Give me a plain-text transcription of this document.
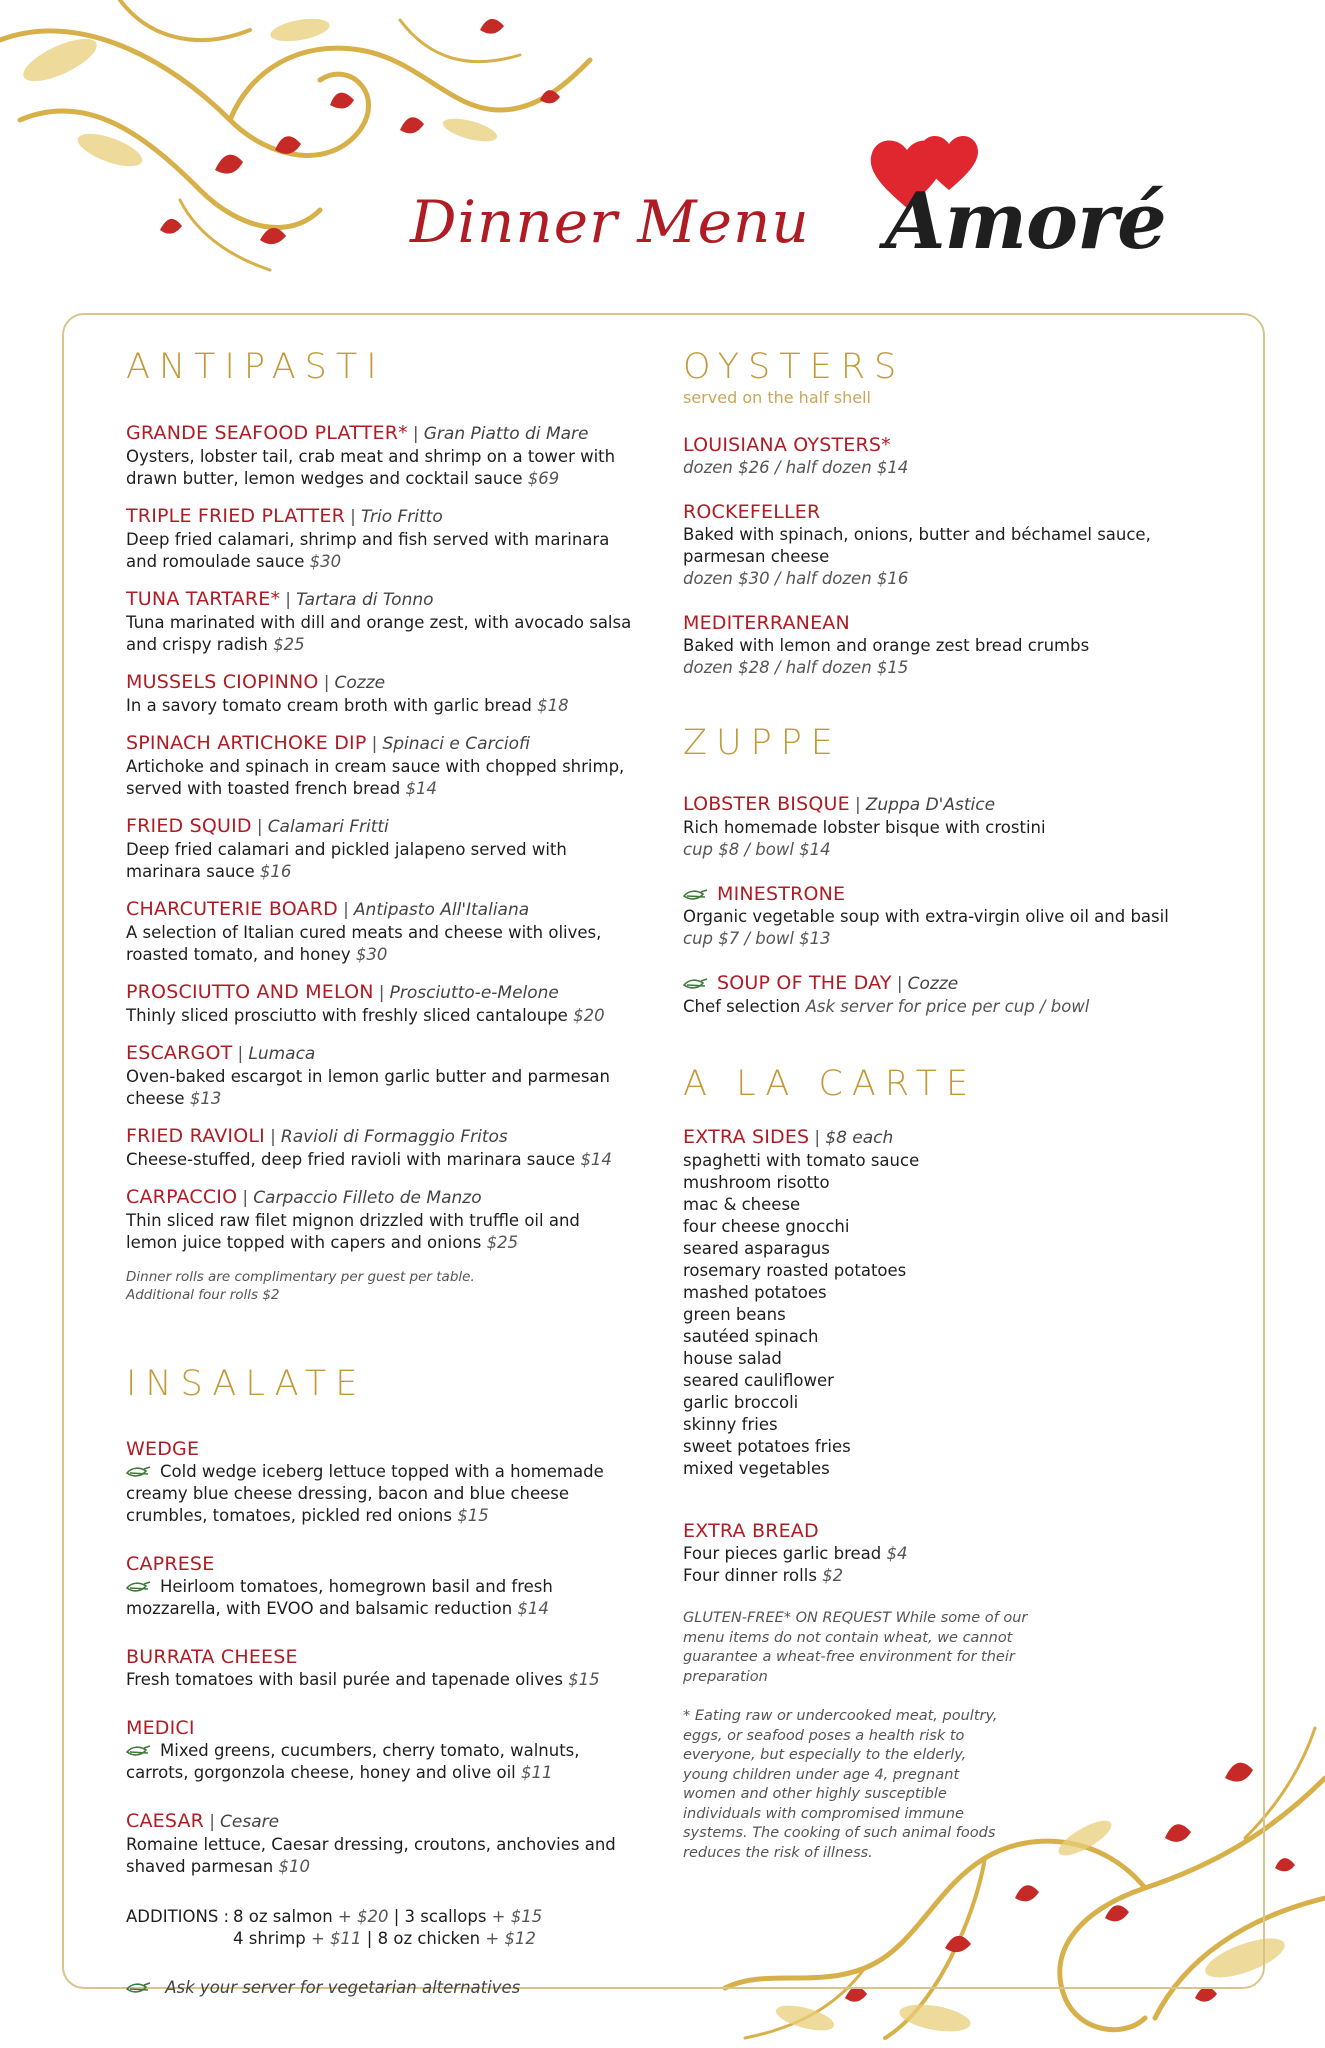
Dinner Menu Amoré
ANTIPASTI
GRANDE SEAFOOD PLATTER* | Gran Piatto di Mare
Oysters, lobster tail, crab meat and shrimp on a tower with drawn butter, lemon wedges and cocktail sauce $69
TRIPLE FRIED PLATTER | Trio Fritto
Deep fried calamari, shrimp and fish served with marinara and romoulade sauce $30
TUNA TARTARE* | Tartara di Tonno
Tuna marinated with dill and orange zest, with avocado salsa and crispy radish $25
MUSSELS CIOPINNO | Cozze
In a savory tomato cream broth with garlic bread $18
SPINACH ARTICHOKE DIP | Spinaci e Carciofi
Artichoke and spinach in cream sauce with chopped shrimp, served with toasted french bread $14
FRIED SQUID | Calamari Fritti
Deep fried calamari and pickled jalapeno served with marinara sauce $16
CHARCUTERIE BOARD | Antipasto All'Italiana
A selection of Italian cured meats and cheese with olives, roasted tomato, and honey $30
PROSCIUTTO AND MELON | Prosciutto-e-Melone
Thinly sliced prosciutto with freshly sliced cantaloupe $20
ESCARGOT | Lumaca
Oven-baked escargot in lemon garlic butter and parmesan cheese $13
FRIED RAVIOLI | Ravioli di Formaggio Fritos
Cheese-stuffed, deep fried ravioli with marinara sauce $14
CARPACCIO | Carpaccio Filleto de Manzo
Thin sliced raw filet mignon drizzled with truffle oil and lemon juice topped with capers and onions $25
Dinner rolls are complimentary per guest per table.
Additional four rolls $2
INSALATE
WEDGE
Cold wedge iceberg lettuce topped with a homemade creamy blue cheese dressing, bacon and blue cheese crumbles, tomatoes, pickled red onions $15
CAPRESE
Heirloom tomatoes, homegrown basil and fresh mozzarella, with EVOO and balsamic reduction $14
BURRATA CHEESE
Fresh tomatoes with basil purée and tapenade olives $15
MEDICI
Mixed greens, cucumbers, cherry tomato, walnuts, carrots, gorgonzola cheese, honey and olive oil $11
CAESAR | Cesare
Romaine lettuce, Caesar dressing, croutons, anchovies and shaved parmesan $10
ADDITIONS : 8 oz salmon + $20 | 3 scallops + $15
4 shrimp + $11 | 8 oz chicken + $12
Ask your server for vegetarian alternatives
OYSTERS
served on the half shell
LOUISIANA OYSTERS*
dozen $26 / half dozen $14
ROCKEFELLER
Baked with spinach, onions, butter and béchamel sauce, parmesan cheese
dozen $30 / half dozen $16
MEDITERRANEAN
Baked with lemon and orange zest bread crumbs
dozen $28 / half dozen $15
ZUPPE
LOBSTER BISQUE | Zuppa D'Astice
Rich homemade lobster bisque with crostini
cup $8 / bowl $14
MINESTRONE
Organic vegetable soup with extra-virgin olive oil and basil
cup $7 / bowl $13
SOUP OF THE DAY | Cozze
Chef selection Ask server for price per cup / bowl
A LA CARTE
EXTRA SIDES | $8 each
spaghetti with tomato sauce
mushroom risotto
mac & cheese
four cheese gnocchi
seared asparagus
rosemary roasted potatoes
mashed potatoes
green beans
sautéed spinach
house salad
seared cauliflower
garlic broccoli
skinny fries
sweet potatoes fries
mixed vegetables
EXTRA BREAD
Four pieces garlic bread $4
Four dinner rolls $2
GLUTEN-FREE* ON REQUEST While some of our menu items do not contain wheat, we cannot guarantee a wheat-free environment for their preparation
* Eating raw or undercooked meat, poultry, eggs, or seafood poses a health risk to everyone, but especially to the elderly, young children under age 4, pregnant women and other highly susceptible individuals with compromised immune systems. The cooking of such animal foods reduces the risk of illness.
